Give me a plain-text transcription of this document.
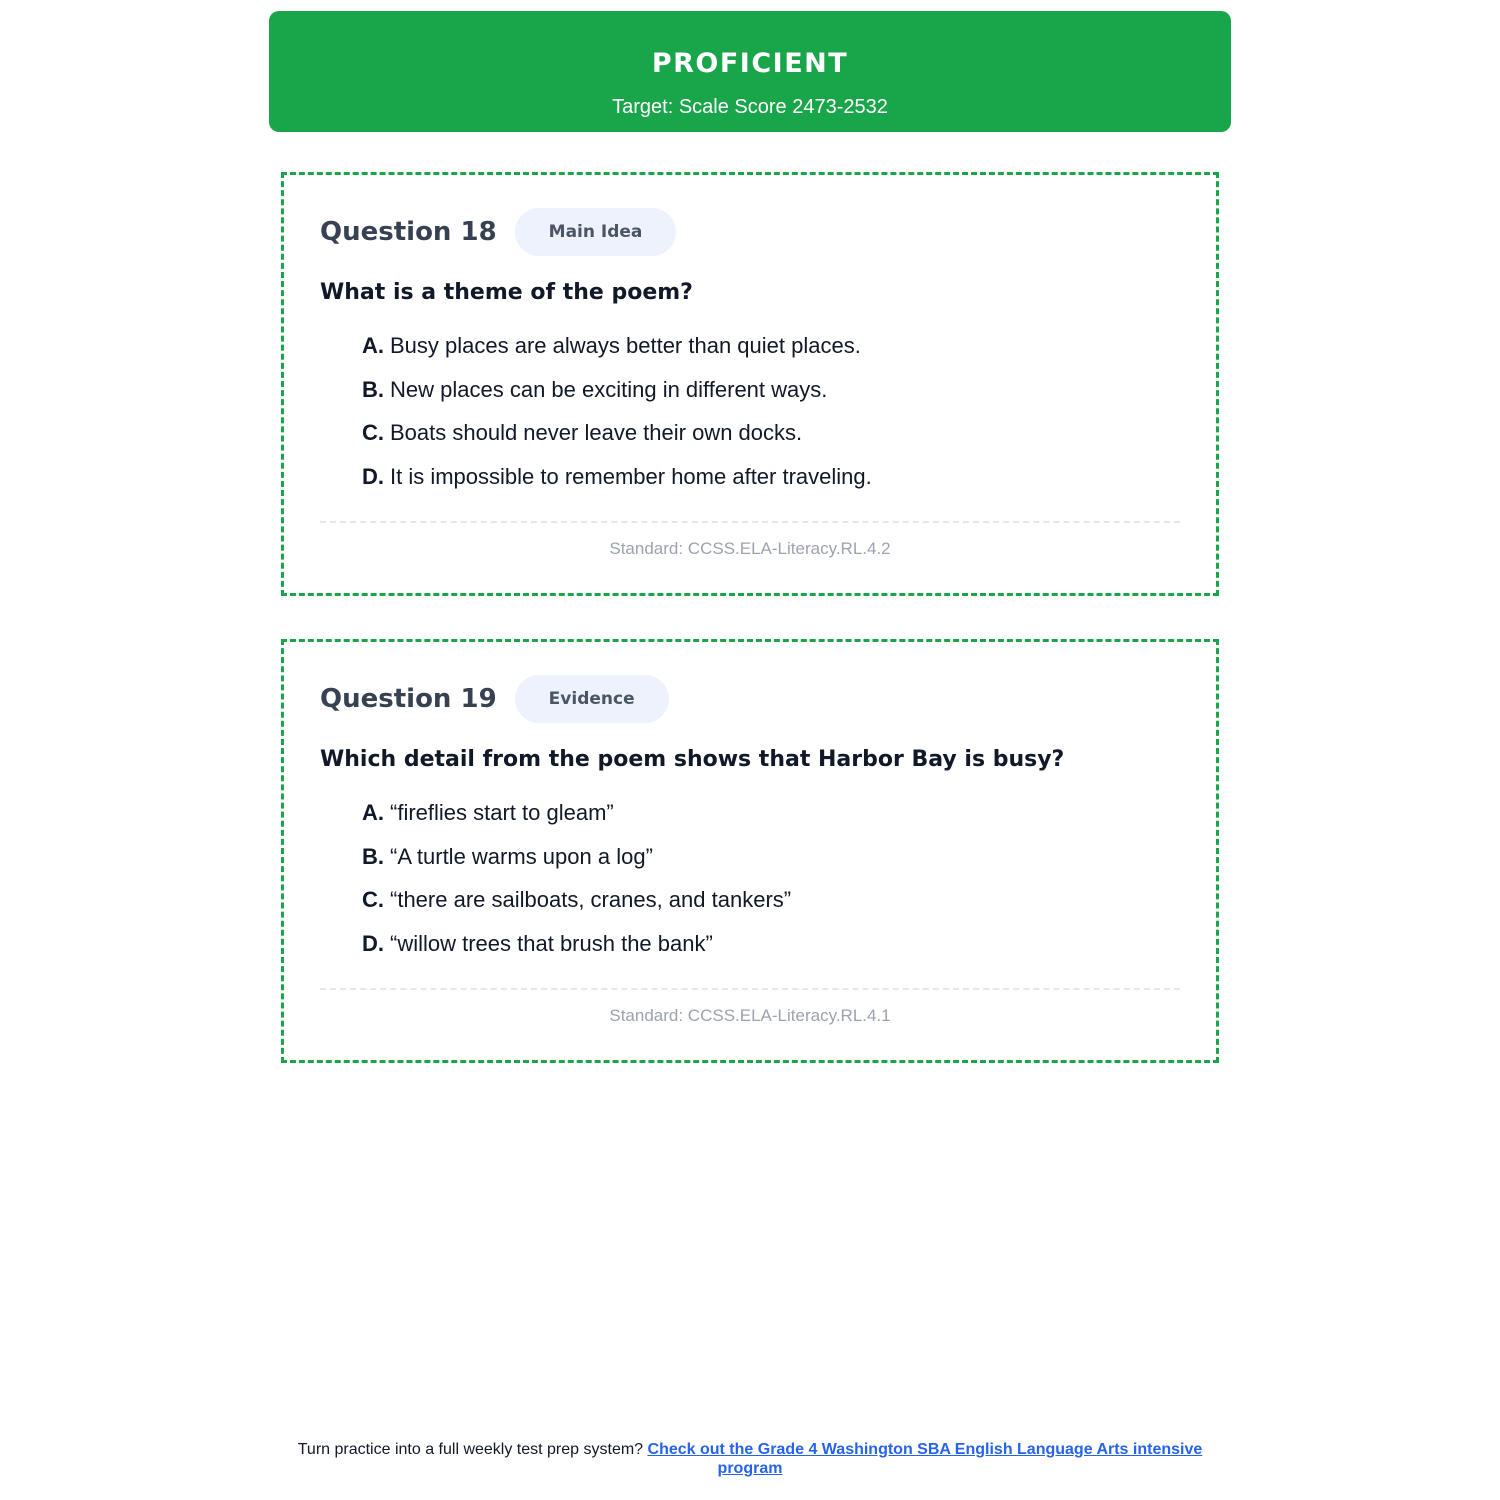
PROFICIENT
Target: Scale Score 2473-2532
Question 18	Main Idea
What is a theme of the poem?
A. Busy places are always better than quiet places.
B. New places can be exciting in different ways.
C. Boats should never leave their own docks.
D. It is impossible to remember home after traveling.
Standard: CCSS.ELA-Literacy.RL.4.2
Question 19	Evidence
Which detail from the poem shows that Harbor Bay is busy?
A. “fireflies start to gleam”
B. “A turtle warms upon a log”
C. “there are sailboats, cranes, and tankers”
D. “willow trees that brush the bank”
Standard: CCSS.ELA-Literacy.RL.4.1
Turn practice into a full weekly test prep system? Check out the Grade 4 Washington SBA English Language Arts intensive program
